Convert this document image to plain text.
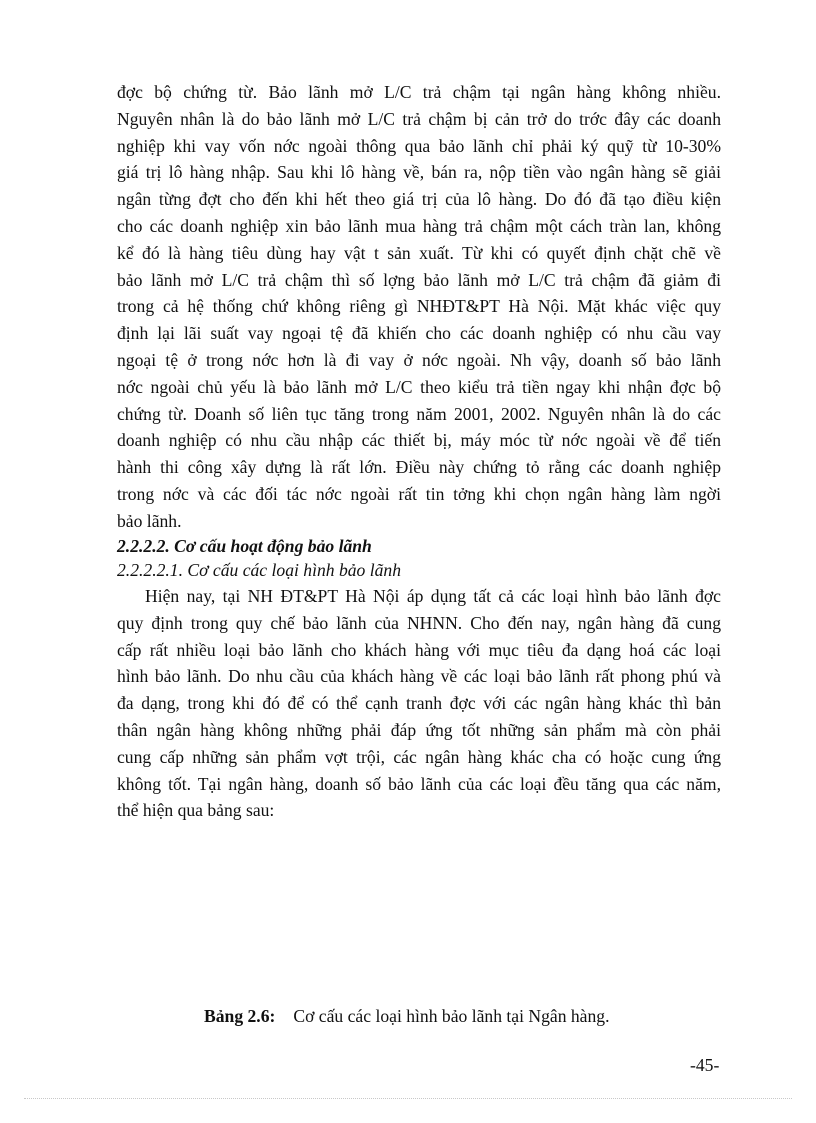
đợc bộ chứng từ. Bảo lãnh mở L/C trả chậm tại ngân hàng không nhiều.
Nguyên nhân là do bảo lãnh mở L/C trả chậm bị cản trở do trớc đây các doanh
nghiệp khi vay vốn nớc ngoài thông qua bảo lãnh chỉ phải ký quỹ từ 10-30%
giá trị lô hàng nhập. Sau khi lô hàng về, bán ra, nộp tiền vào ngân hàng sẽ giải
ngân từng đợt cho đến khi hết theo giá trị của lô hàng. Do đó đã tạo điều kiện
cho các doanh nghiệp xin bảo lãnh mua hàng trả chậm một cách tràn lan, không
kể đó là hàng tiêu dùng hay vật t sản xuất. Từ khi có quyết định chặt chẽ về
bảo lãnh mở L/C trả chậm thì số lợng bảo lãnh mở L/C trả chậm đã giảm đi
trong cả hệ thống chứ không riêng gì NHĐT&PT Hà Nội. Mặt khác việc quy
định lại lãi suất vay ngoại tệ đã khiến cho các doanh nghiệp có nhu cầu vay
ngoại tệ ở trong nớc hơn là đi vay ở nớc ngoài. Nh vậy, doanh số bảo lãnh
nớc ngoài chủ yếu là bảo lãnh mở L/C theo kiểu trả tiền ngay khi nhận đợc bộ
chứng từ. Doanh số liên tục tăng trong năm 2001, 2002. Nguyên nhân là do các
doanh nghiệp có nhu cầu nhập các thiết bị, máy móc từ nớc ngoài về để tiến
hành thi công xây dựng là rất lớn. Điều này chứng tỏ rằng các doanh nghiệp
trong nớc và các đối tác nớc ngoài rất tin tởng khi chọn ngân hàng làm ngời
bảo lãnh.
2.2.2.2. Cơ cấu hoạt động bảo lãnh
2.2.2.2.1. Cơ cấu các loại hình bảo lãnh
Hiện nay, tại NH ĐT&PT Hà Nội áp dụng tất cả các loại hình bảo lãnh đợc
quy định trong quy chế bảo lãnh của NHNN. Cho đến nay, ngân hàng đã cung
cấp rất nhiều loại bảo lãnh cho khách hàng với mục tiêu đa dạng hoá các loại
hình bảo lãnh. Do nhu cầu của khách hàng về các loại bảo lãnh rất phong phú và
đa dạng, trong khi đó để có thể cạnh tranh đợc với các ngân hàng khác thì bản
thân ngân hàng không những phải đáp ứng tốt những sản phẩm mà còn phải
cung cấp những sản phẩm vợt trội, các ngân hàng khác cha có hoặc cung ứng
không tốt. Tại ngân hàng, doanh số bảo lãnh của các loại đều tăng qua các năm,
thể hiện qua bảng sau:
Bảng 2.6: Cơ cấu các loại hình bảo lãnh tại Ngân hàng.
-45-
